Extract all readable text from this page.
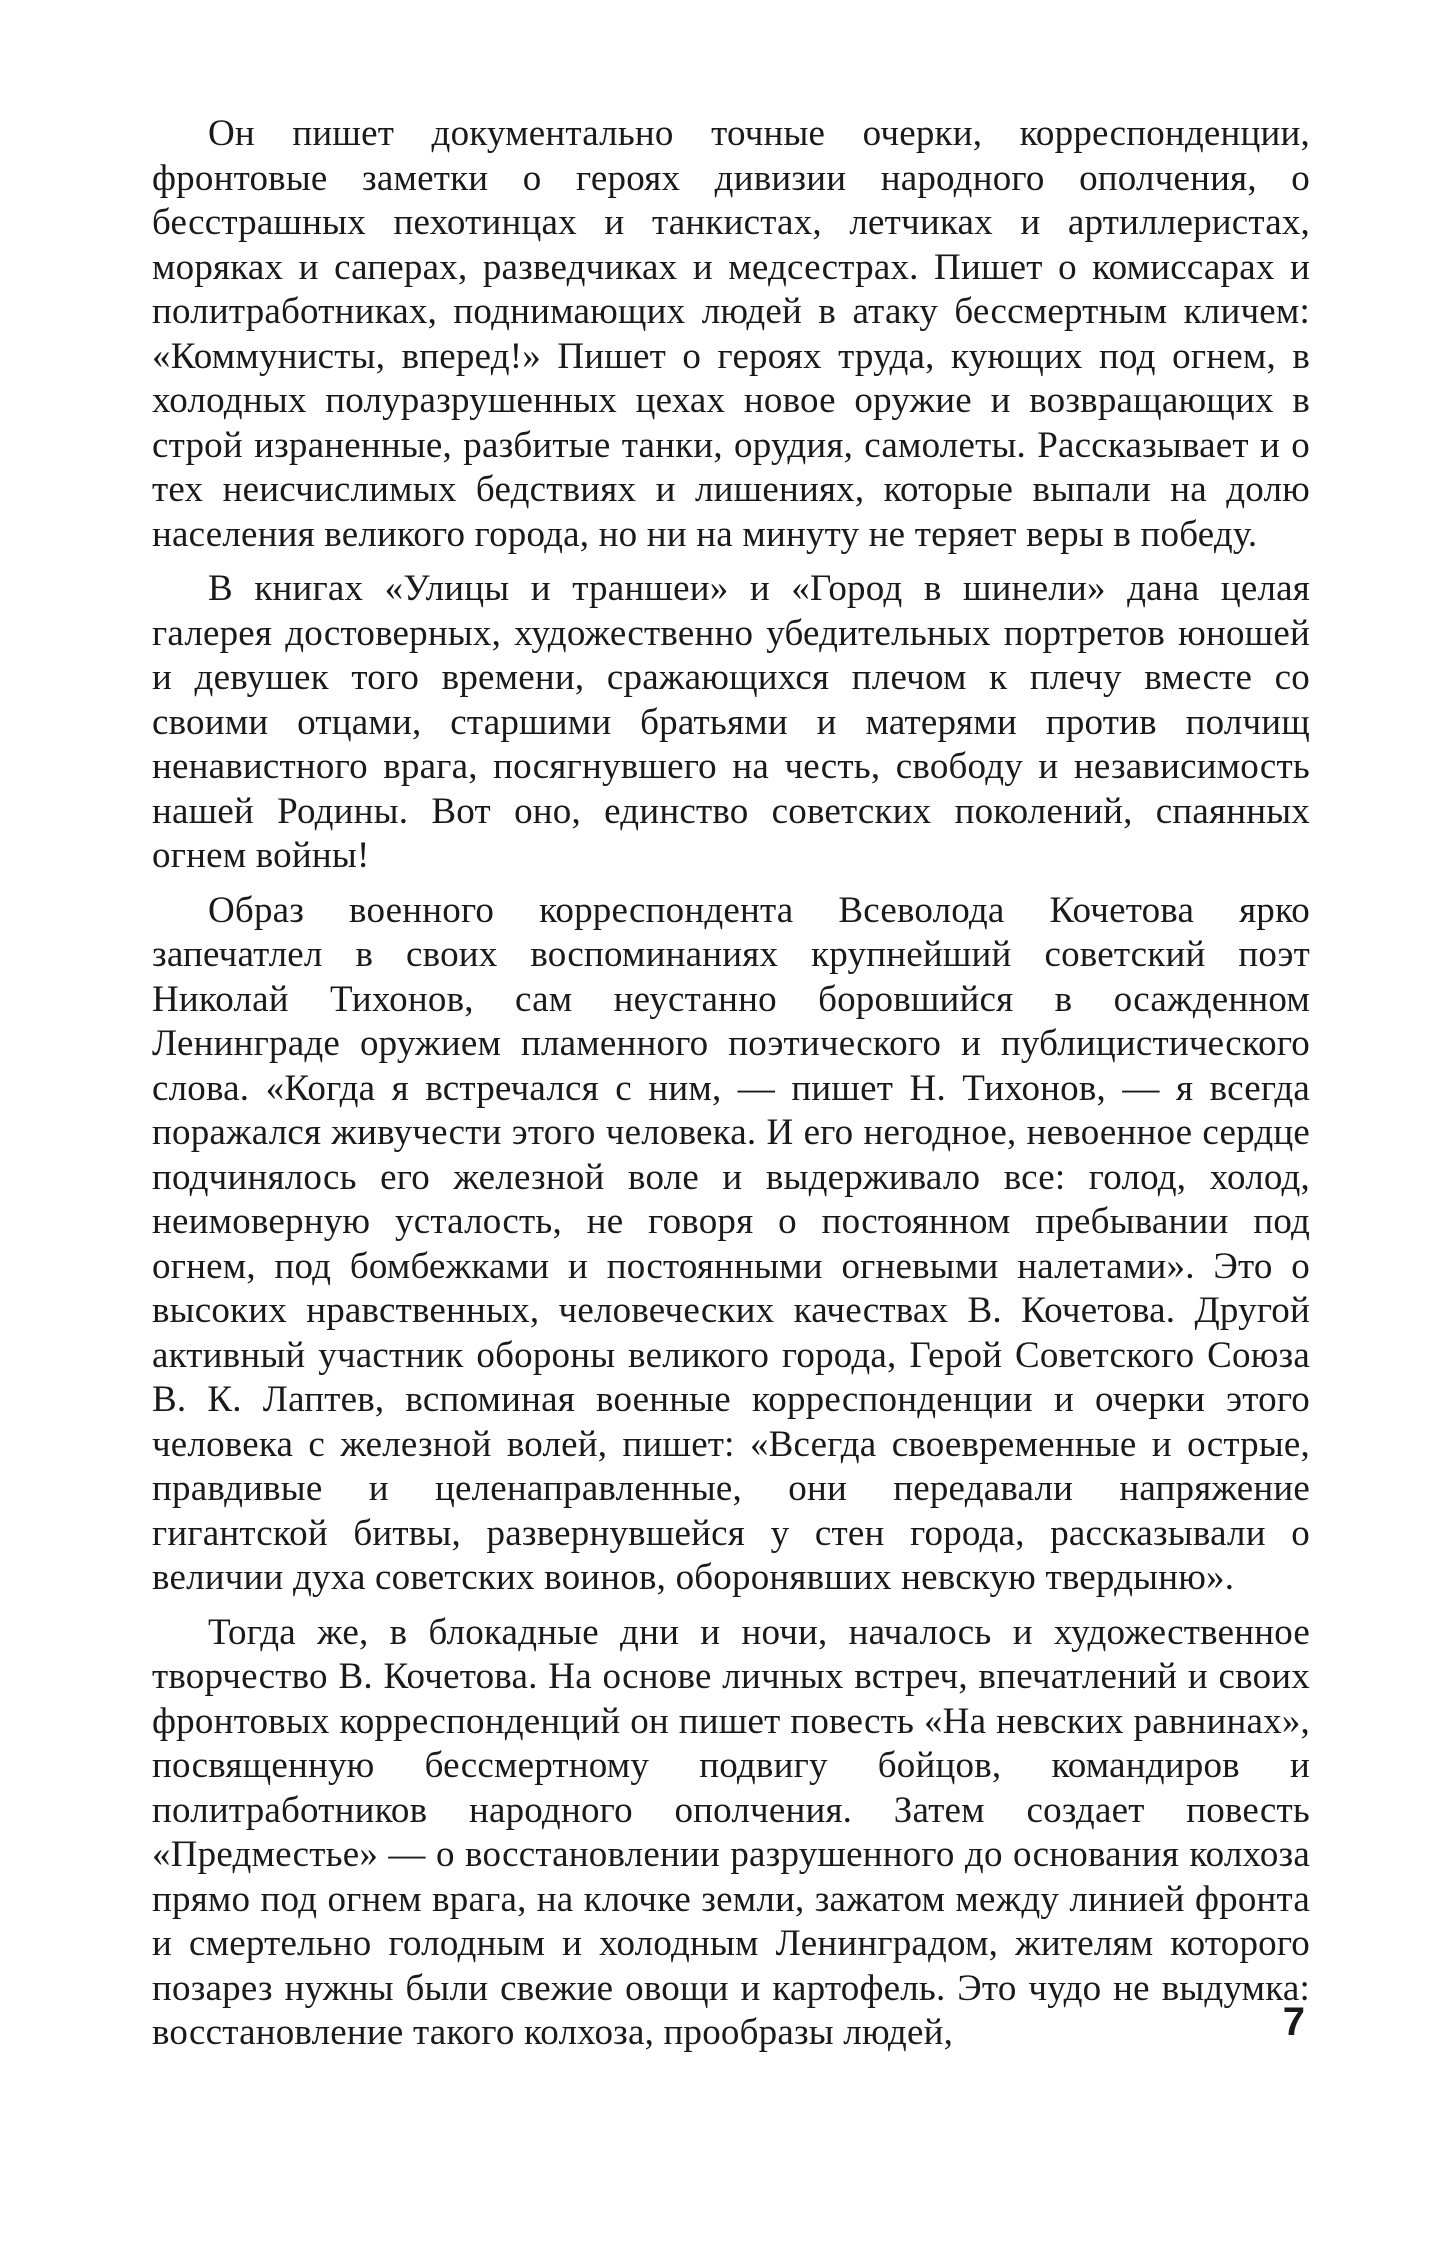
Он пишет документально точные очерки, корреспонденции, фронтовые заметки о героях дивизии народного ополчения, о бесстрашных пехотинцах и танкистах, летчиках и артиллеристах, моряках и саперах, разведчиках и медсестрах. Пишет о комиссарах и политработниках, поднимающих людей в атаку бессмертным кличем: «Коммунисты, вперед!» Пишет о героях труда, кующих под огнем, в холодных полуразрушенных цехах новое оружие и возвращающих в строй израненные, разбитые танки, орудия, самолеты. Рассказывает и о тех неисчислимых бедствиях и лишениях, которые выпали на долю населения великого города, но ни на минуту не теряет веры в победу.

В книгах «Улицы и траншеи» и «Город в шинели» дана целая галерея достоверных, художественно убедительных портретов юношей и девушек того времени, сражающихся плечом к плечу вместе со своими отцами, старшими братьями и матерями против полчищ ненавистного врага, посягнувшего на честь, свободу и независимость нашей Родины. Вот оно, единство советских поколений, спаянных огнем войны!

Образ военного корреспондента Всеволода Кочетова ярко запечатлел в своих воспоминаниях крупнейший советский поэт Николай Тихонов, сам неустанно боровшийся в осажденном Ленинграде оружием пламенного поэтического и публицистического слова. «Когда я встречался с ним, — пишет Н. Тихонов, — я всегда поражался живучести этого человека. И его негодное, невоенное сердце подчинялось его железной воле и выдерживало все: голод, холод, неимоверную усталость, не говоря о постоянном пребывании под огнем, под бомбежками и постоянными огневыми налетами». Это о высоких нравственных, человеческих качествах В. Кочетова. Другой активный участник обороны великого города, Герой Советского Союза В. К. Лаптев, вспоминая военные корреспонденции и очерки этого человека с железной волей, пишет: «Всегда своевременные и острые, правдивые и целенаправленные, они передавали напряжение гигантской битвы, развернувшейся у стен города, рассказывали о величии духа советских воинов, оборонявших невскую твердыню».

Тогда же, в блокадные дни и ночи, началось и художественное творчество В. Кочетова. На основе личных встреч, впечатлений и своих фронтовых корреспонденций он пишет повесть «На невских равнинах», посвященную бессмертному подвигу бойцов, командиров и политработников народного ополчения. Затем создает повесть «Предместье» — о восстановлении разрушенного до основания колхоза прямо под огнем врага, на клочке земли, зажатом между линией фронта и смертельно голодным и холодным Ленинградом, жителям которого позарез нужны были свежие овощи и картофель. Это чудо не выдумка: восстановление такого колхоза, прообразы людей,	7
